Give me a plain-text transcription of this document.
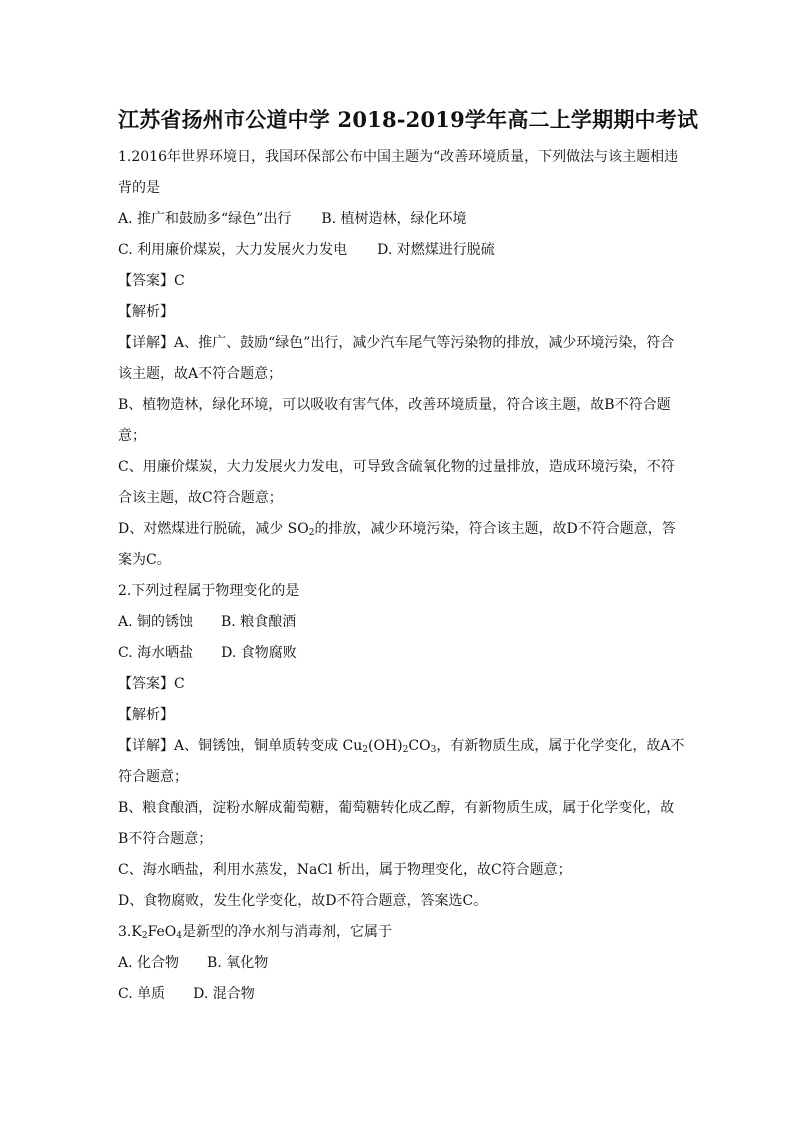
江苏省扬州市公道中学 2018-2019学年高二上学期期中考试
1.2016年世界环境日，我国环保部公布中国主题为“改善环境质量，下列做法与该主题相违
背的是
A. 推广和鼓励多“绿色”出行 B. 植树造林，绿化环境
C. 利用廉价煤炭，大力发展火力发电 D. 对燃煤进行脱硫
【答案】C
【解析】
【详解】A、推广、鼓励“绿色”出行，减少汽车尾气等污染物的排放，减少环境污染，符合
该主题，故A不符合题意；
B、植物造林，绿化环境，可以吸收有害气体，改善环境质量，符合该主题，故B不符合题
意；
C、用廉价煤炭，大力发展火力发电，可导致含硫氧化物的过量排放，造成环境污染，不符
合该主题，故C符合题意；
D、对燃煤进行脱硫，减少 $SO_2$的排放，减少环境污染，符合该主题，故D不符合题意，答
案为C。
2.下列过程属于物理变化的是
A. 铜的锈蚀 B. 粮食酿酒
C. 海水晒盐 D. 食物腐败
【答案】C
【解析】
【详解】A、铜锈蚀，铜单质转变成 $Cu_2(OH)_2CO_3$，有新物质生成，属于化学变化，故A不
符合题意；
B、粮食酿酒，淀粉水解成葡萄糖，葡萄糖转化成乙醇，有新物质生成，属于化学变化，故
B不符合题意；
C、海水晒盐，利用水蒸发，NaCl 析出，属于物理变化，故C符合题意；
D、食物腐败，发生化学变化，故D不符合题意，答案选C。
$3.K_2FeO_4$是新型的净水剂与消毒剂，它属于
A. 化合物 B. 氧化物
C. 单质 D. 混合物
